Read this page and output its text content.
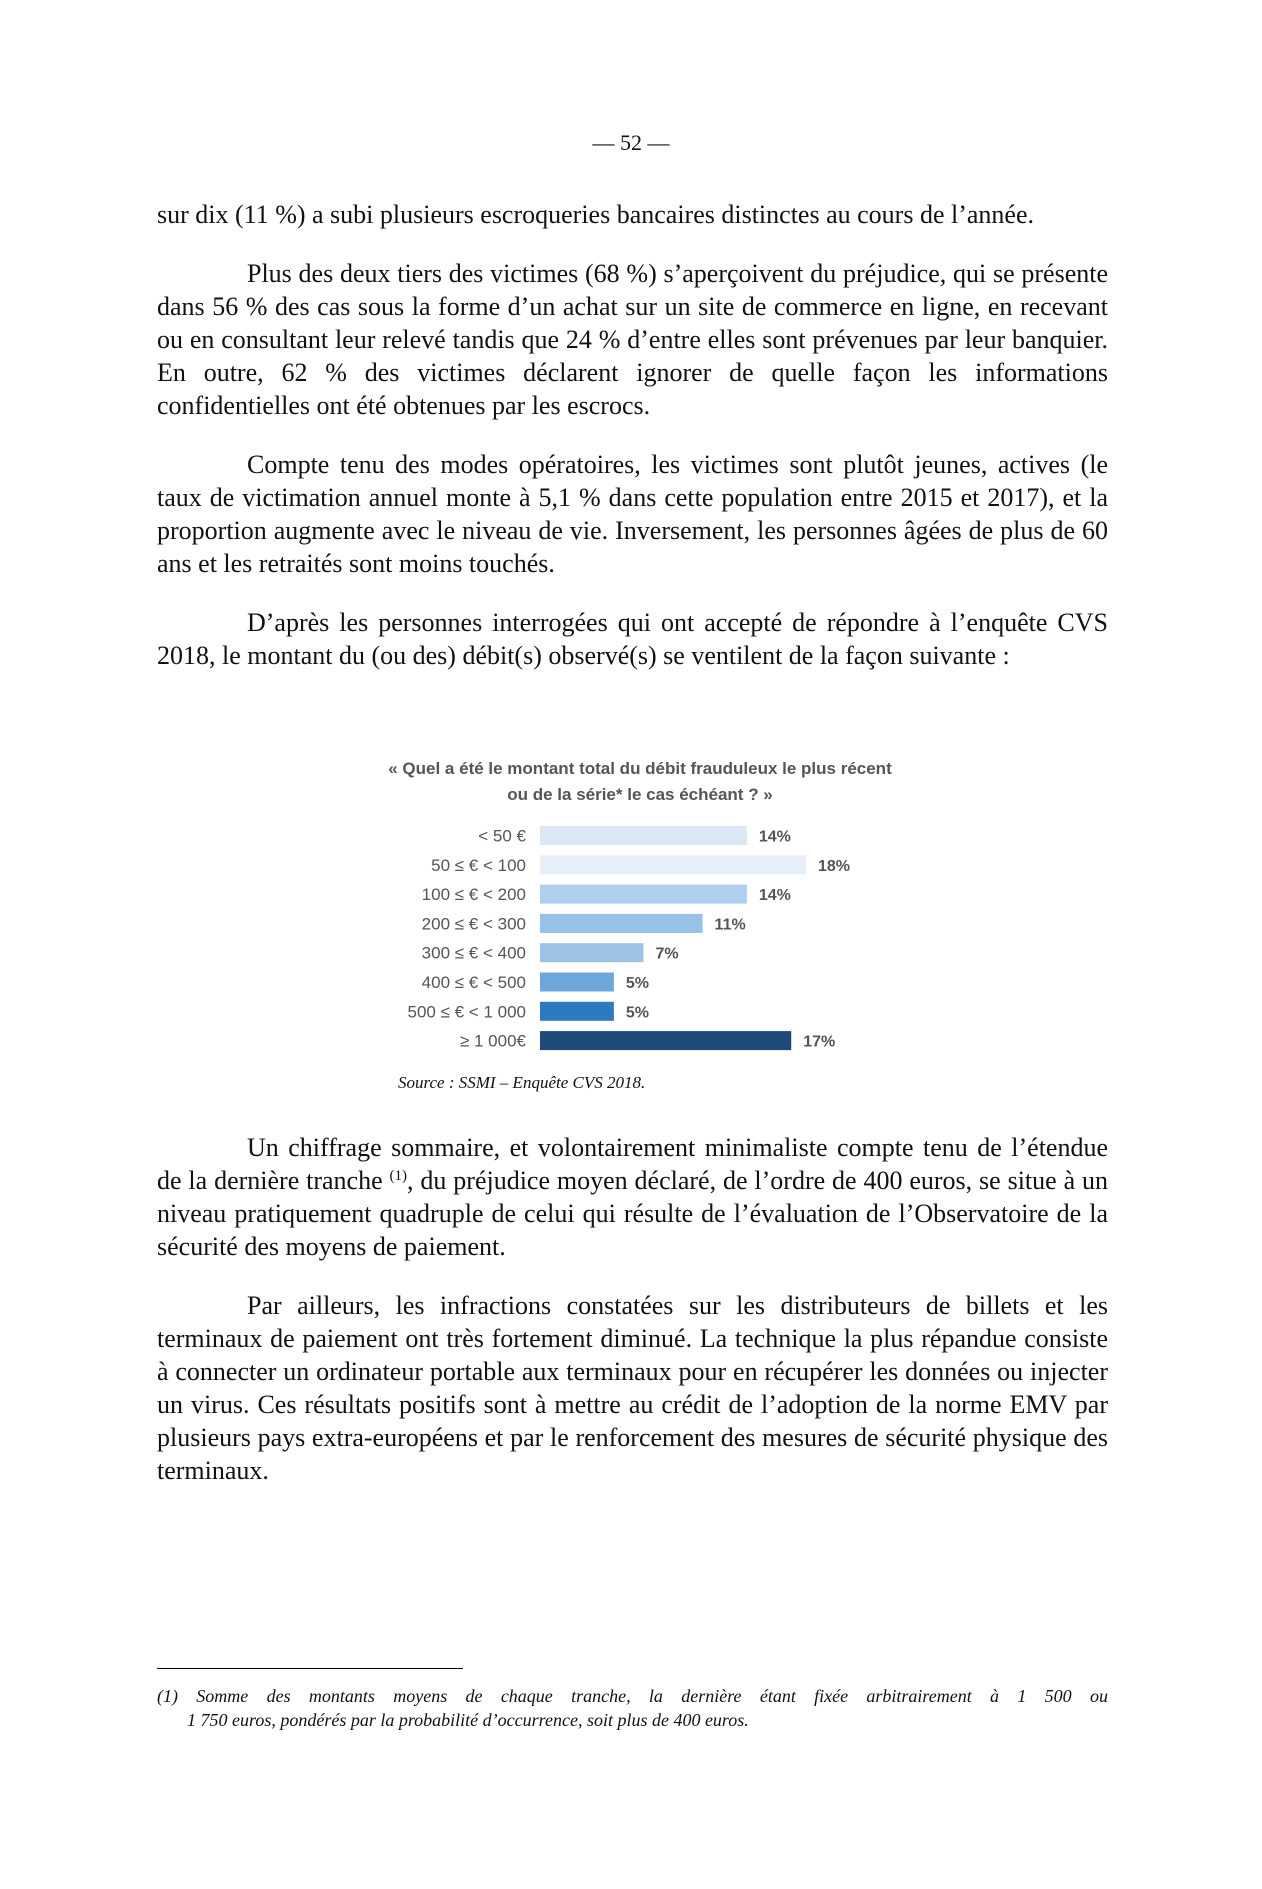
— 52 —

sur dix (11 %) a subi plusieurs escroqueries bancaires distinctes au cours de l’année.

Plus des deux tiers des victimes (68 %) s’aperçoivent du préjudice, qui se présente dans 56 % des cas sous la forme d’un achat sur un site de commerce en ligne, en recevant ou en consultant leur relevé tandis que 24 % d’entre elles sont prévenues par leur banquier. En outre, 62 % des victimes déclarent ignorer de quelle façon les informations confidentielles ont été obtenues par les escrocs.

Compte tenu des modes opératoires, les victimes sont plutôt jeunes, actives (le taux de victimation annuel monte à 5,1 % dans cette population entre 2015 et 2017), et la proportion augmente avec le niveau de vie. Inversement, les personnes âgées de plus de 60 ans et les retraités sont moins touchés.

D’après les personnes interrogées qui ont accepté de répondre à l’enquête CVS 2018, le montant du (ou des) débit(s) observé(s) se ventilent de la façon suivante :

« Quel a été le montant total du débit frauduleux le plus récent ou de la série* le cas échéant ? »
< 50 €	14%
50 ≤ € < 100	18%
100 ≤ € < 200	14%
200 ≤ € < 300	11%
300 ≤ € < 400	7%
400 ≤ € < 500	5%
500 ≤ € < 1 000	5%
≥ 1 000€	17%
Source : SSMI – Enquête CVS 2018.

Un chiffrage sommaire, et volontairement minimaliste compte tenu de l’étendue de la dernière tranche $^{(1)}$, du préjudice moyen déclaré, de l’ordre de 400 euros, se situe à un niveau pratiquement quadruple de celui qui résulte de l’évaluation de l’Observatoire de la sécurité des moyens de paiement.

Par ailleurs, les infractions constatées sur les distributeurs de billets et les terminaux de paiement ont très fortement diminué. La technique la plus répandue consiste à connecter un ordinateur portable aux terminaux pour en récupérer les données ou injecter un virus. Ces résultats positifs sont à mettre au crédit de l’adoption de la norme EMV par plusieurs pays extra-européens et par le renforcement des mesures de sécurité physique des terminaux.

(1) Somme des montants moyens de chaque tranche, la dernière étant fixée arbitrairement à 1 500 ou
1 750 euros, pondérés par la probabilité d’occurrence, soit plus de 400 euros.
